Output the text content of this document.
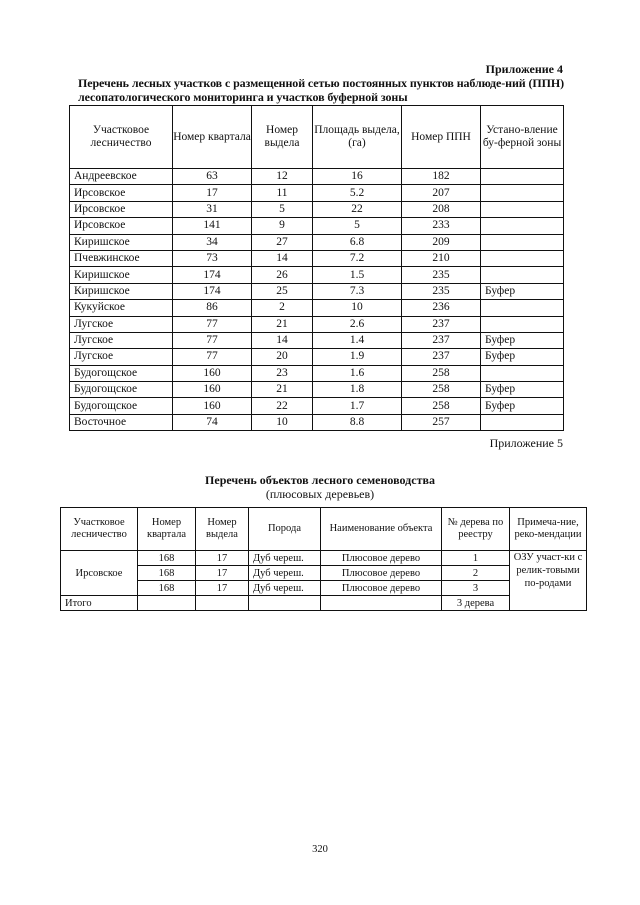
Приложение 4
Перечень лесных участков с размещенной сетью постоянных пунктов наблюде-ний (ППН) лесопатологического мониторинга и участков буферной зоны
Участковое лесничество	Номер квартала	Номер выдела	Площадь выдела, (га)	Номер ППН	Устано-вление бу-ферной зоны
Андреевское	63	12	16	182	
Ирсовское	17	11	5.2	207	
Ирсовское	31	5	22	208	
Ирсовское	141	9	5	233	
Киришское	34	27	6.8	209	
Пчевжинское	73	14	7.2	210	
Киришское	174	26	1.5	235	
Киришское	174	25	7.3	235	Буфер
Кукуйское	86	2	10	236	
Лугское	77	21	2.6	237	
Лугское	77	14	1.4	237	Буфер
Лугское	77	20	1.9	237	Буфер
Будогощское	160	23	1.6	258	
Будогощское	160	21	1.8	258	Буфер
Будогощское	160	22	1.7	258	Буфер
Восточное	74	10	8.8	257	
Приложение 5
Перечень объектов лесного семеноводства
(плюсовых деревьев)
Участковое лесничество	Номер квартала	Номер выдела	Порода	Наименование объекта	№ дерева по реестру	Примеча-ние, реко-мендации
Ирсовское	168	17	Дуб череш.	Плюсовое дерево	1	ОЗУ участ-ки с релик-товыми по-родами
	168	17	Дуб череш.	Плюсовое дерево	2	
	168	17	Дуб череш.	Плюсовое дерево	3	
Итого					3 дерева	
320
